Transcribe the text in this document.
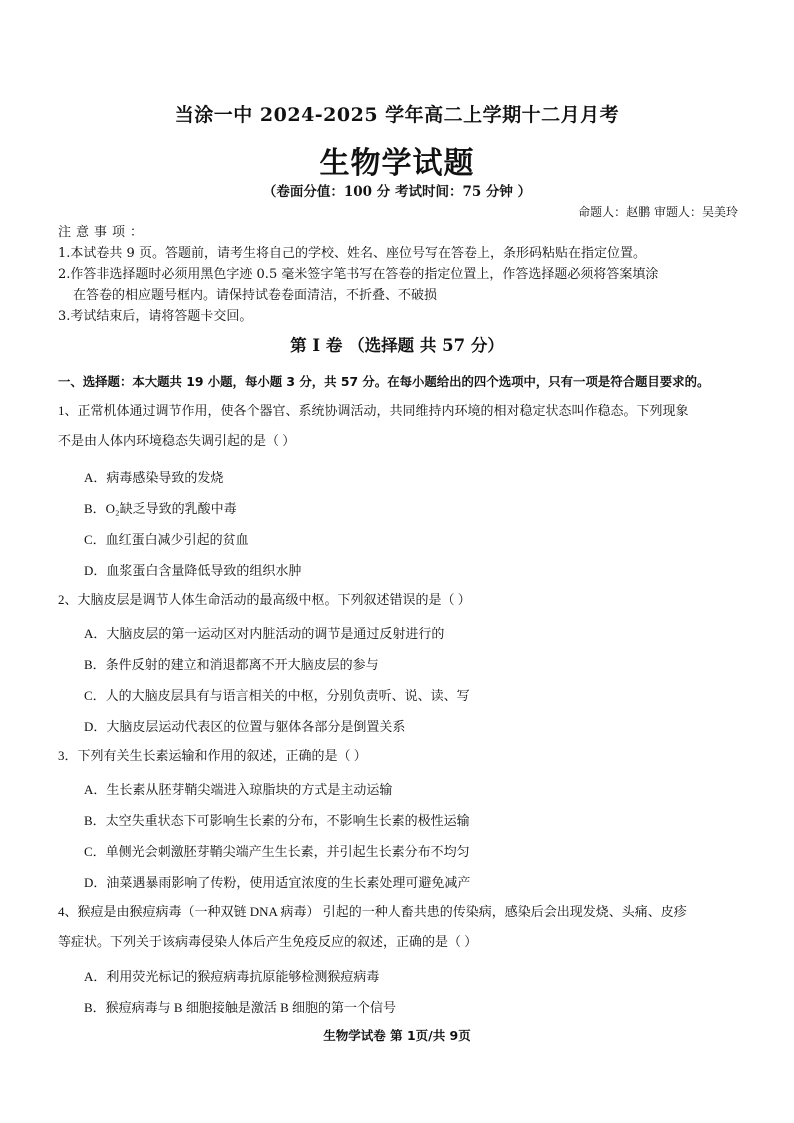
当涂一中 2024-2025 学年高二上学期十二月月考
生物学试题
（卷面分值：100 分 考试时间：75 分钟 ）
命题人：赵鹏 审题人：吴美玲
注意事项：
1.本试卷共 9 页。答题前，请考生将自己的学校、姓名、座位号写在答卷上，条形码粘贴在指定位置。
2.作答非选择题时必须用黑色字迹 0.5 毫米签字笔书写在答卷的指定位置上，作答选择题必须将答案填涂
在答卷的相应题号框内。请保持试卷卷面清洁，不折叠、不破损
3.考试结束后，请将答题卡交回。
第 I 卷 （选择题 共 57 分）
一、选择题：本大题共 19 小题，每小题 3 分，共 57 分。在每小题给出的四个选项中，只有一项是符合题目要求的。
1、正常机体通过调节作用，使各个器官、系统协调活动，共同维持内环境的相对稳定状态叫作稳态。下列现象
不是由人体内环境稳态失调引起的是（ ）
A．病毒感染导致的发烧
B．O₂缺乏导致的乳酸中毒
C．血红蛋白减少引起的贫血
D．血浆蛋白含量降低导致的组织水肿
2、大脑皮层是调节人体生命活动的最高级中枢。下列叙述错误的是（ ）
A．大脑皮层的第一运动区对内脏活动的调节是通过反射进行的
B．条件反射的建立和消退都离不开大脑皮层的参与
C．人的大脑皮层具有与语言相关的中枢，分别负责听、说、读、写
D．大脑皮层运动代表区的位置与躯体各部分是倒置关系
3．下列有关生长素运输和作用的叙述，正确的是（ ）
A．生长素从胚芽鞘尖端进入琼脂块的方式是主动运输
B．太空失重状态下可影响生长素的分布，不影响生长素的极性运输
C．单侧光会刺激胚芽鞘尖端产生生长素，并引起生长素分布不均匀
D．油菜遇暴雨影响了传粉，使用适宜浓度的生长素处理可避免减产
4、猴痘是由猴痘病毒（一种双链 DNA 病毒） 引起的一种人畜共患的传染病，感染后会出现发烧、头痛、皮疹
等症状。下列关于该病毒侵染人体后产生免疫反应的叙述，正确的是（ ）
A．利用荧光标记的猴痘病毒抗原能够检测猴痘病毒
B．猴痘病毒与 B 细胞接触是激活 B 细胞的第一个信号
生物学试卷 第 1页/共 9页
